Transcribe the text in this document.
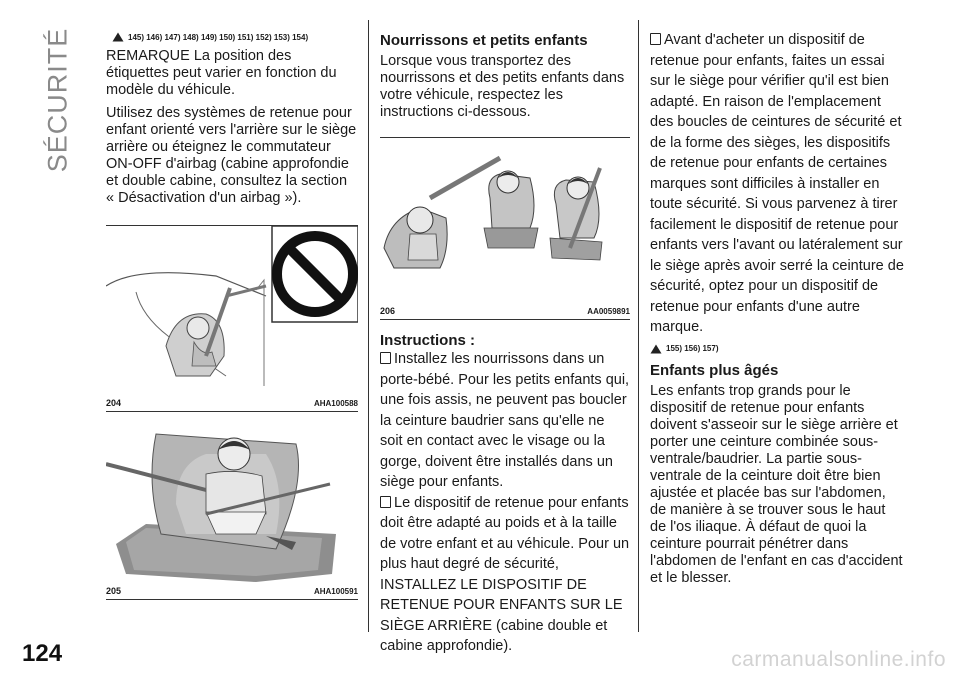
SÉCURITÉ
124
145) 146) 147) 148) 149) 150) 151) 152) 153) 154)

REMARQUE La position des étiquettes peut varier en fonction du modèle du véhicule.

Utilisez des systèmes de retenue pour enfant orienté vers l'arrière sur le siège arrière ou éteignez le commutateur ON-OFF d'airbag (cabine approfondie et double cabine, consultez la section « Désactivation d'un airbag »).

204	AHA100588
205	AHA100591
Nourrissons et petits enfants

Lorsque vous transportez des nourrissons et des petits enfants dans votre véhicule, respectez les instructions ci-dessous.

206	AA0059891
Instructions :

Installez les nourrissons dans un porte-bébé. Pour les petits enfants qui, une fois assis, ne peuvent pas boucler la ceinture baudrier sans qu'elle ne soit en contact avec le visage ou la gorge, doivent être installés dans un siège pour enfants.

Le dispositif de retenue pour enfants doit être adapté au poids et à la taille de votre enfant et au véhicule. Pour un plus haut degré de sécurité, INSTALLEZ LE DISPOSITIF DE RETENUE POUR ENFANTS SUR LE SIÈGE ARRIÈRE (cabine double et cabine approfondie).

Avant d'acheter un dispositif de retenue pour enfants, faites un essai sur le siège pour vérifier qu'il est bien adapté. En raison de l'emplacement des boucles de ceintures de sécurité et de la forme des sièges, les dispositifs de retenue pour enfants de certaines marques sont difficiles à installer en toute sécurité. Si vous parvenez à tirer facilement le dispositif de retenue pour enfants vers l'avant ou latéralement sur le siège après avoir serré la ceinture de sécurité, optez pour un dispositif de retenue pour enfants d'une autre marque.

155) 156) 157)
Enfants plus âgés

Les enfants trop grands pour le dispositif de retenue pour enfants doivent s'asseoir sur le siège arrière et porter une ceinture combinée sous-ventrale/baudrier. La partie sous-ventrale de la ceinture doit être bien ajustée et placée bas sur l'abdomen, de manière à se trouver sous le haut de l'os iliaque. À défaut de quoi la ceinture pourrait pénétrer dans l'abdomen de l'enfant en cas d'accident et le blesser.

carmanualsonline.info
